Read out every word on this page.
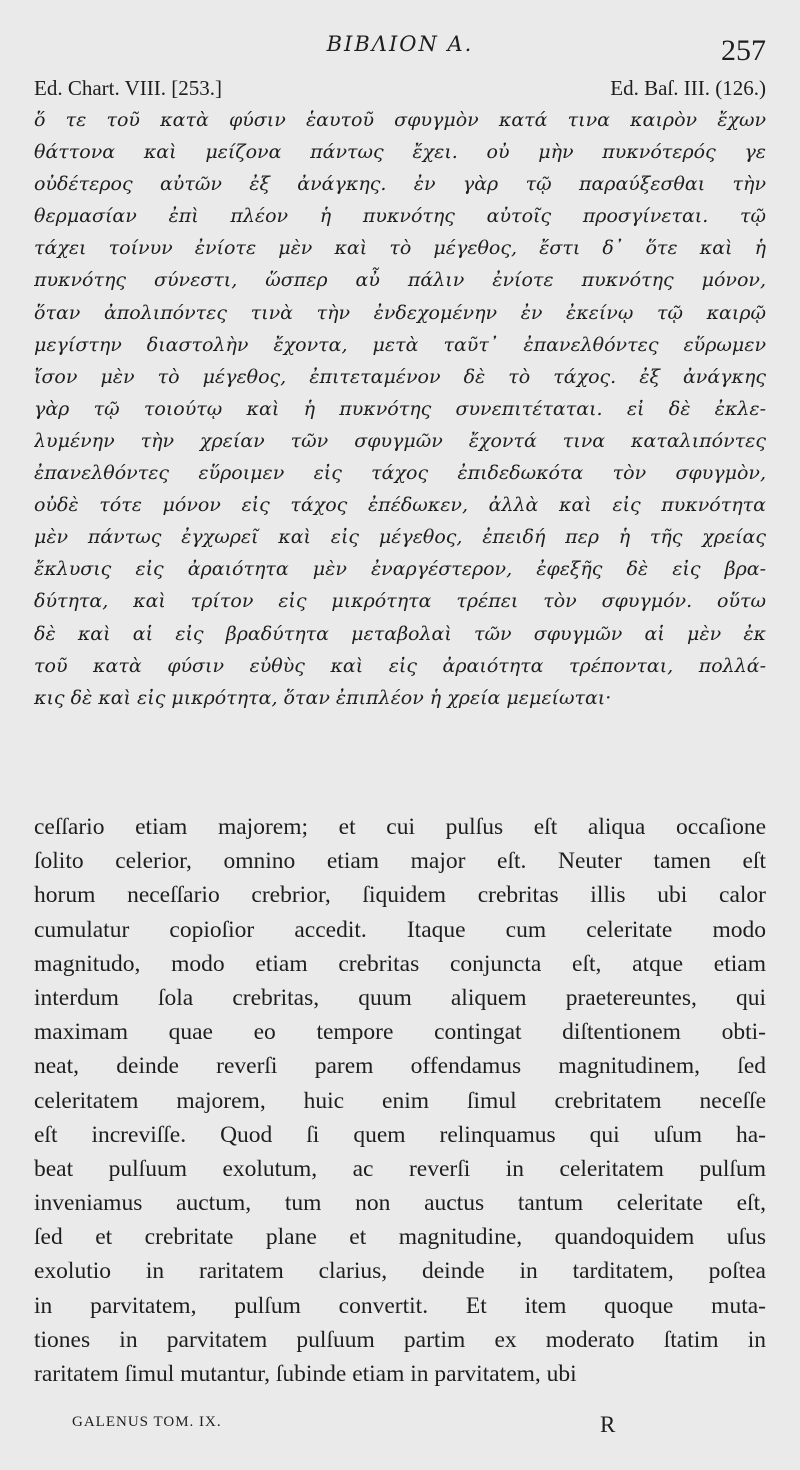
BIBΛΙΟΝ Α.	257
Ed. Chart. VIII. [253.]	Ed. Baſ. III. (126.)
ὅ τε τοῦ κατὰ φύσιν ἑαυτοῦ σφυγμὸν κατά τινα καιρὸν ἔχων
θάττονα καὶ μείζονα πάντως ἔχει. οὐ μὴν πυκνότερός γε
οὐδέτερος αὐτῶν ἐξ ἀνάγκης. ἐν γὰρ τῷ παραύξεσθαι τὴν
θερμασίαν ἐπὶ πλέον ἡ πυκνότης αὐτοῖς προσγίνεται. τῷ
τάχει τοίνυν ἐνίοτε μὲν καὶ τὸ μέγεθος, ἔστι δ᾽ ὅτε καὶ ἡ
πυκνότης σύνεστι, ὥσπερ αὖ πάλιν ἐνίοτε πυκνότης μόνον,
ὅταν ἀπολιπόντες τινὰ τὴν ἐνδεχομένην ἐν ἐκείνῳ τῷ καιρῷ
μεγίστην διαστολὴν ἔχοντα, μετὰ ταῦτ᾽ ἐπανελθόντες εὕρωμεν
ἴσον μὲν τὸ μέγεθος, ἐπιτεταμένον δὲ τὸ τάχος. ἐξ ἀνάγκης
γὰρ τῷ τοιούτῳ καὶ ἡ πυκνότης συνεπιτέταται. εἰ δὲ ἐκλε-
λυμένην τὴν χρείαν τῶν σφυγμῶν ἔχοντά τινα καταλιπόντες
ἐπανελθόντες εὕροιμεν εἰς τάχος ἐπιδεδωκότα τὸν σφυγμὸν,
οὐδὲ τότε μόνον εἰς τάχος ἐπέδωκεν, ἀλλὰ καὶ εἰς πυκνότητα
μὲν πάντως ἐγχωρεῖ καὶ εἰς μέγεθος, ἐπειδή περ ἡ τῆς χρείας
ἔκλυσις εἰς ἀραιότητα μὲν ἐναργέστερον, ἐφεξῆς δὲ εἰς βρα-
δύτητα, καὶ τρίτον εἰς μικρότητα τρέπει τὸν σφυγμόν. οὕτω
δὲ καὶ αἱ εἰς βραδύτητα μεταβολαὶ τῶν σφυγμῶν αἱ μὲν ἐκ
τοῦ κατὰ φύσιν εὐθὺς καὶ εἰς ἀραιότητα τρέπονται, πολλά-
κις δὲ καὶ εἰς μικρότητα, ὅταν ἐπιπλέον ἡ χρεία μεμείωται·
ceſſario etiam majorem; et cui pulſus eſt aliqua occaſione
ſolito celerior, omnino etiam major eſt. Neuter tamen eſt
horum neceſſario crebrior, ſiquidem crebritas illis ubi calor
cumulatur copioſior accedit. Itaque cum celeritate modo
magnitudo, modo etiam crebritas conjuncta eſt, atque etiam
interdum ſola crebritas, quum aliquem praetereuntes, qui
maximam quae eo tempore contingat diſtentionem obti-
neat, deinde reverſi parem offendamus magnitudinem, ſed
celeritatem majorem, huic enim ſimul crebritatem neceſſe
eſt increviſſe. Quod ſi quem relinquamus qui uſum ha-
beat pulſuum exolutum, ac reverſi in celeritatem pulſum
inveniamus auctum, tum non auctus tantum celeritate eſt,
ſed et crebritate plane et magnitudine, quandoquidem uſus
exolutio in raritatem clarius, deinde in tarditatem, poſtea
in parvitatem, pulſum convertit. Et item quoque muta-
tiones in parvitatem pulſuum partim ex moderato ſtatim in
raritatem ſimul mutantur, ſubinde etiam in parvitatem, ubi
GALENUS TOM. IX.	R
